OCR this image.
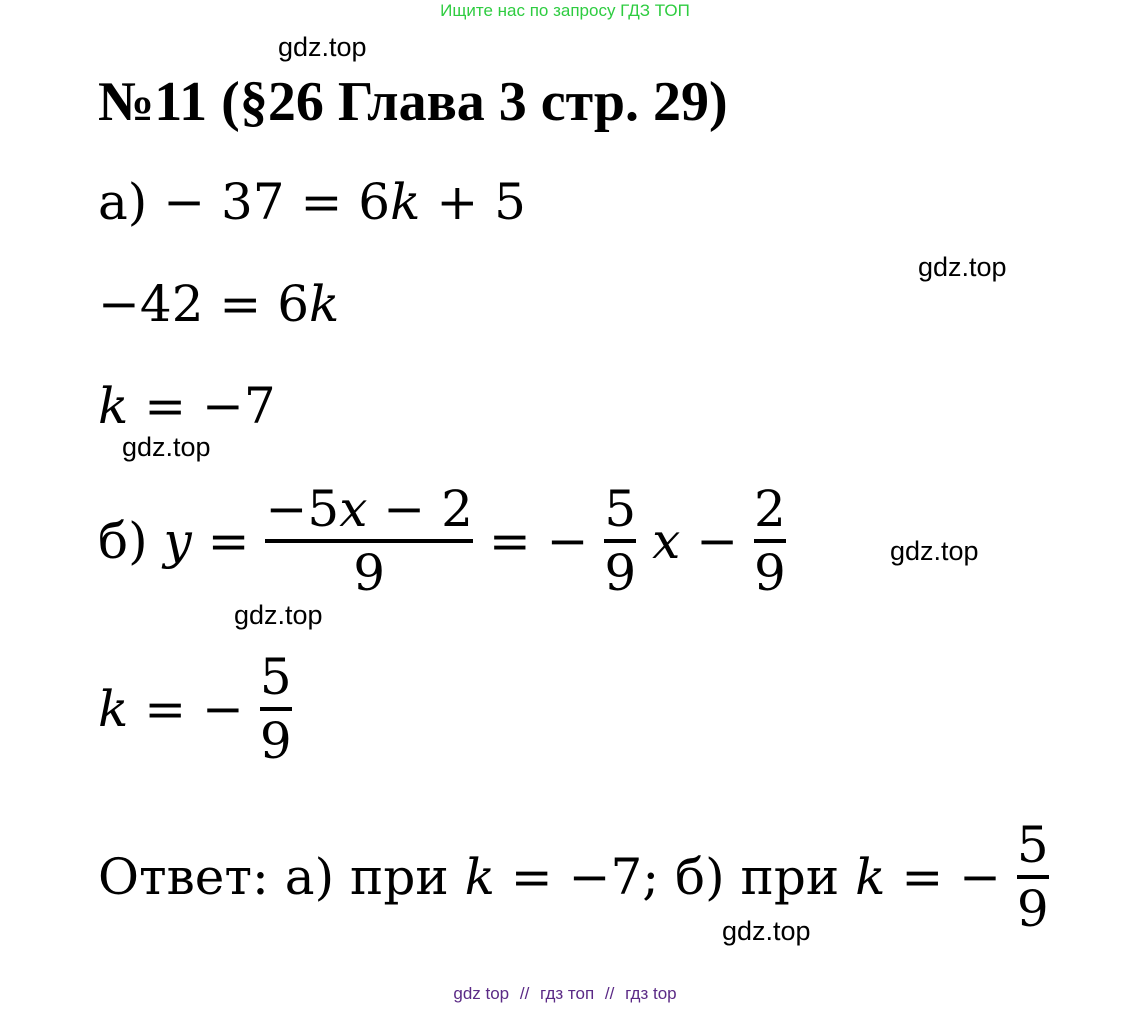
Ищите нас по запросу ГДЗ ТОП
gdz.top
gdz.top
gdz.top
gdz.top
gdz.top
gdz.top
№11 (§26 Глава 3 стр. 29)
а) − 37 = 6k + 5
−42 = 6k
k = −7
б) $y = \frac{-5x - 2}{9}$ = − $\frac{5}{9}$ $x - \frac{2}{9}$
k = − $\frac{5}{9}$
Ответ: а) при k = −7; б) при k = − $\frac{5}{9}$
gdz top // гдз топ // гдз top
